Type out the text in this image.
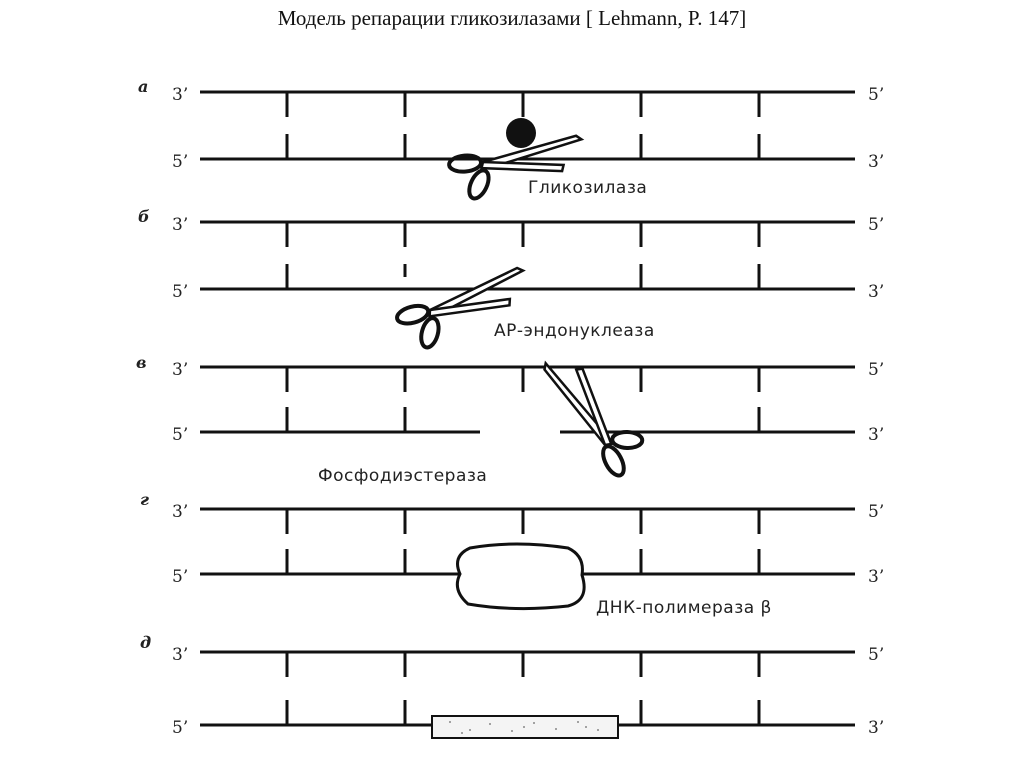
Модель репарации гликозилазами [ Lehmann, P. 147]
а 3’	5’
5’	3’
Гликозилаза
б 3’	5’
5’	3’
АР-эндонуклеаза
в 3’	5’
5’	3’
Фосфодиэстераза
г
3’	5’
5’	3’
ДНК-полимераза β
д
3’	5’
5’	3’
